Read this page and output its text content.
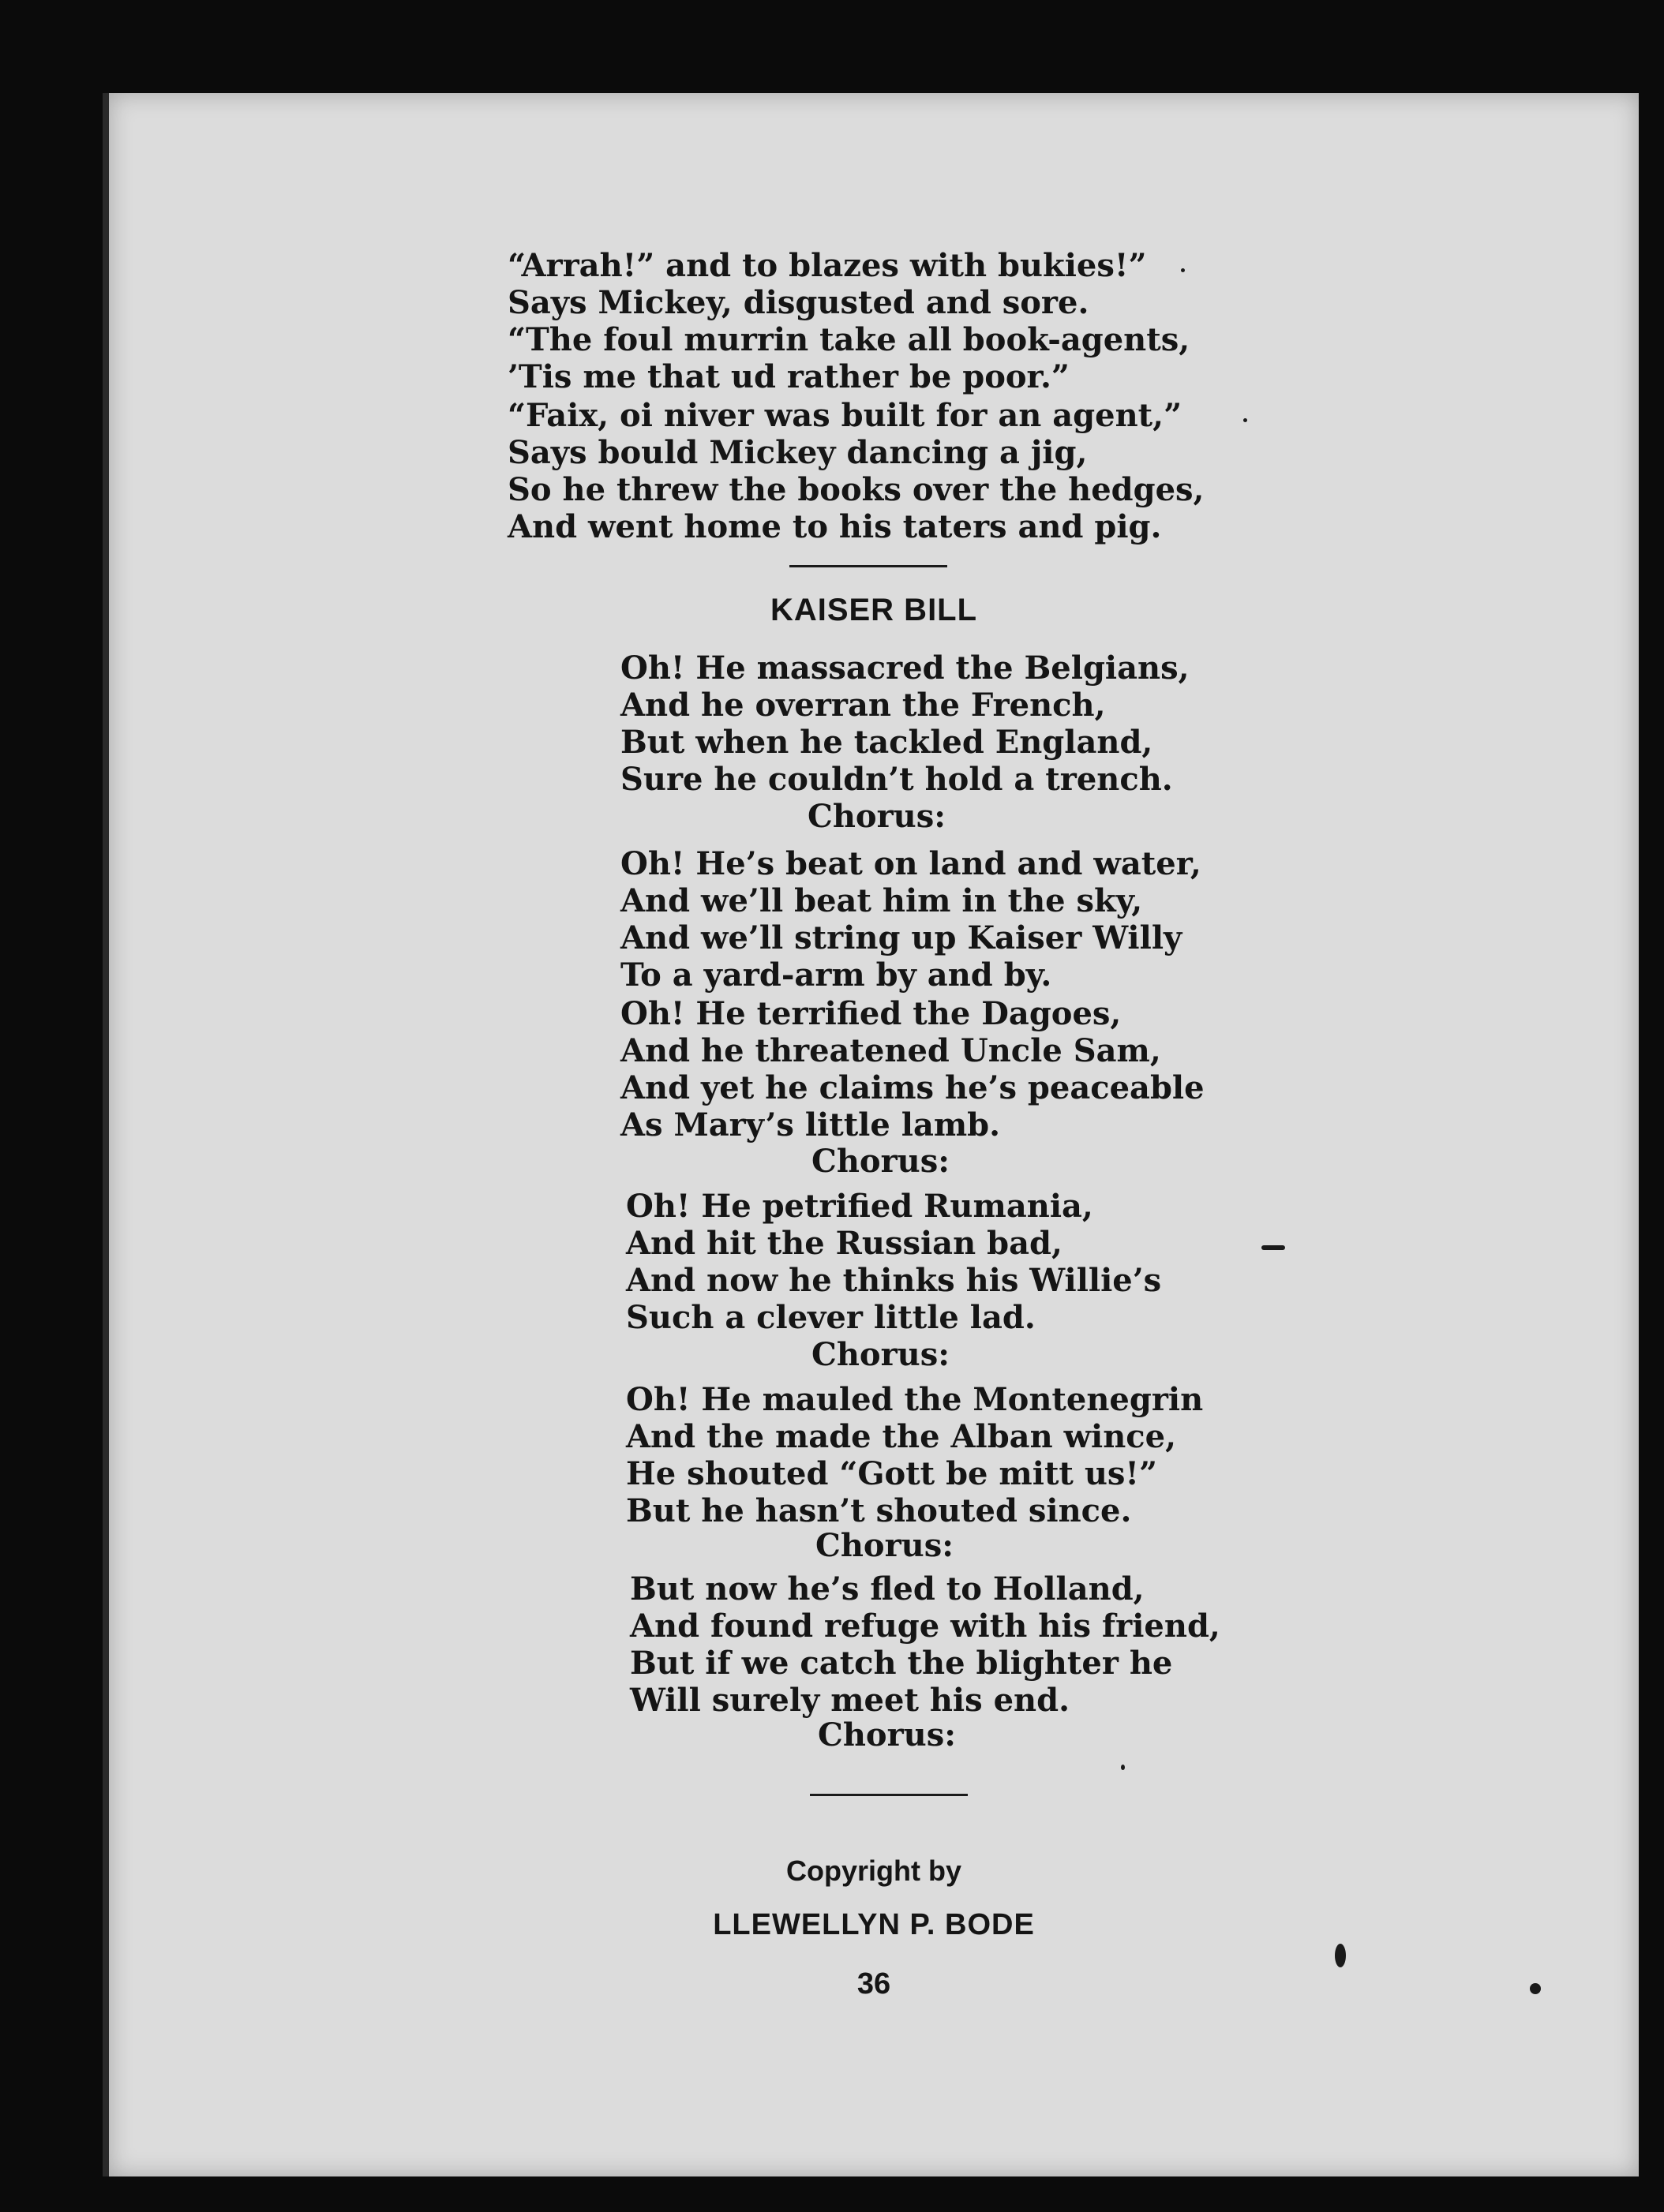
“Arrah!” and to blazes with bukies!”
Says Mickey, disgusted and sore.
“The foul murrin take all book-agents,
’Tis me that ud rather be poor.”
“Faix, oi niver was built for an agent,”
Says bould Mickey dancing a jig,
So he threw the books over the hedges,
And went home to his taters and pig.
KAISER BILL
Oh! He massacred the Belgians,
And he overran the French,
But when he tackled England,
Sure he couldn’t hold a trench.
Chorus:
Oh! He’s beat on land and water,
And we’ll beat him in the sky,
And we’ll string up Kaiser Willy
To a yard-arm by and by.
Oh! He terrified the Dagoes,
And he threatened Uncle Sam,
And yet he claims he’s peaceable
As Mary’s little lamb.
Chorus:
Oh! He petrified Rumania,
And hit the Russian bad,
And now he thinks his Willie’s
Such a clever little lad.
Chorus:
Oh! He mauled the Montenegrin
And the made the Alban wince,
He shouted “Gott be mitt us!”
But he hasn’t shouted since.
Chorus:
But now he’s fled to Holland,
And found refuge with his friend,
But if we catch the blighter he
Will surely meet his end.
Chorus:
Copyright by
LLEWELLYN P. BODE
36
